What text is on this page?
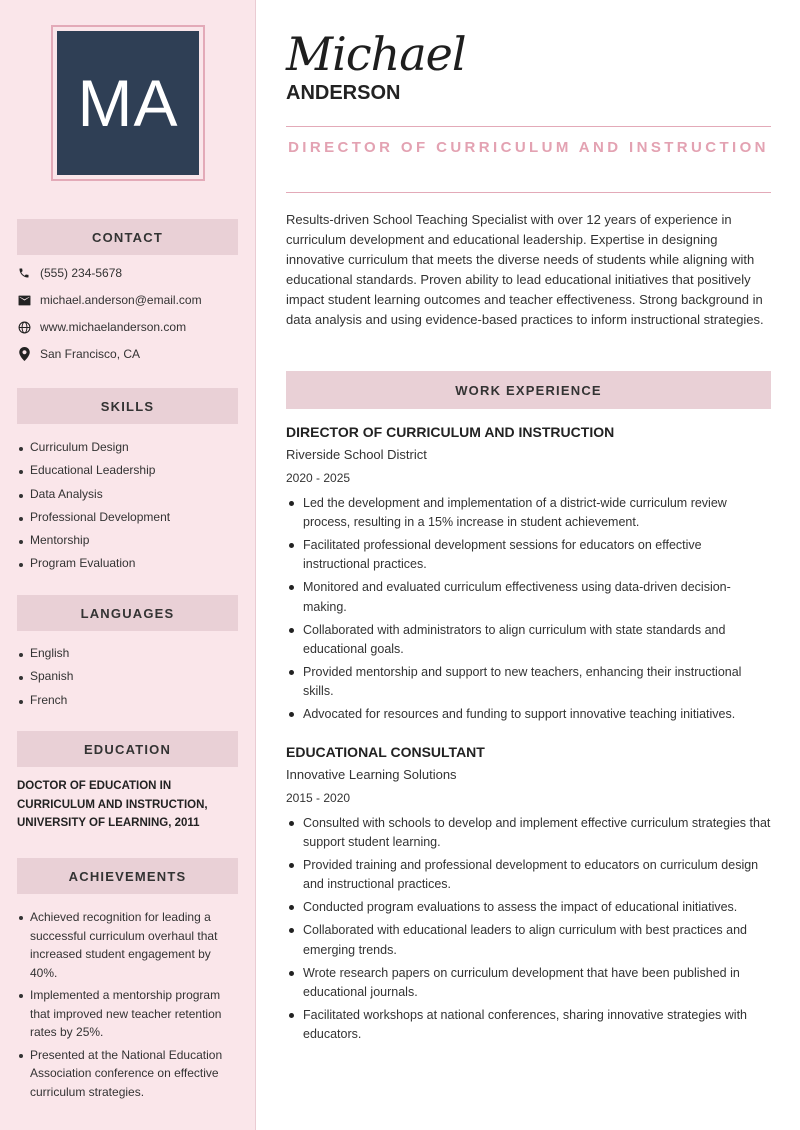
MA
CONTACT
(555) 234-5678
michael.anderson@email.com
www.michaelanderson.com
San Francisco, CA
SKILLS
Curriculum Design
Educational Leadership
Data Analysis
Professional Development
Mentorship
Program Evaluation
LANGUAGES
English
Spanish
French
EDUCATION
DOCTOR OF EDUCATION IN
CURRICULUM AND INSTRUCTION,
UNIVERSITY OF LEARNING, 2011
ACHIEVEMENTS
Achieved recognition for leading a successful curriculum overhaul that increased student engagement by 40%.
Implemented a mentorship program that improved new teacher retention rates by 25%.
Presented at the National Education Association conference on effective curriculum strategies.
Michael
ANDERSON
DIRECTOR OF CURRICULUM AND INSTRUCTION

Results-driven School Teaching Specialist with over 12 years of experience in curriculum development and educational leadership. Expertise in designing innovative curriculum that meets the diverse needs of students while aligning with educational standards. Proven ability to lead educational initiatives that positively impact student learning outcomes and teacher effectiveness. Strong background in data analysis and using evidence-based practices to inform instructional strategies.

WORK EXPERIENCE
DIRECTOR OF CURRICULUM AND INSTRUCTION
Riverside School District
2020 - 2025
Led the development and implementation of a district-wide curriculum review process, resulting in a 15% increase in student achievement.
Facilitated professional development sessions for educators on effective instructional practices.
Monitored and evaluated curriculum effectiveness using data-driven decision-making.
Collaborated with administrators to align curriculum with state standards and educational goals.
Provided mentorship and support to new teachers, enhancing their instructional skills.
Advocated for resources and funding to support innovative teaching initiatives.
EDUCATIONAL CONSULTANT
Innovative Learning Solutions
2015 - 2020
Consulted with schools to develop and implement effective curriculum strategies that support student learning.
Provided training and professional development to educators on curriculum design and instructional practices.
Conducted program evaluations to assess the impact of educational initiatives.
Collaborated with educational leaders to align curriculum with best practices and emerging trends.
Wrote research papers on curriculum development that have been published in educational journals.
Facilitated workshops at national conferences, sharing innovative strategies with educators.
